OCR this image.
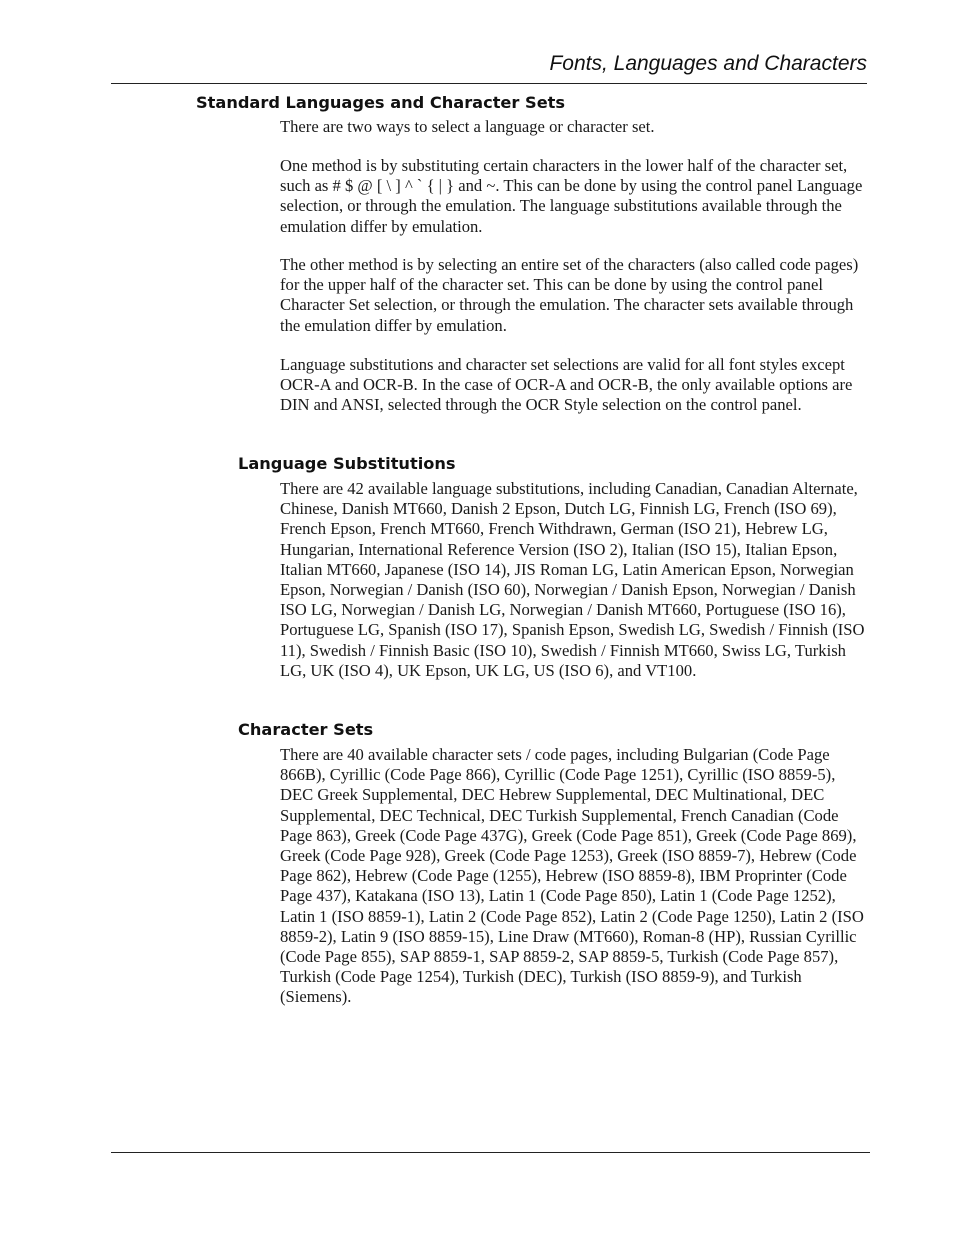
Fonts, Languages and Characters
Standard Languages and Character Sets

There are two ways to select a language or character set.

One method is by substituting certain characters in the lower half of the character set, such as # $ @ [ \ ] ^ ` { | } and ~. This can be done by using the control panel Language selection, or through the emulation. The language substitutions available through the emulation differ by emulation.

The other method is by selecting an entire set of the characters (also called code pages) for the upper half of the character set. This can be done by using the control panel Character Set selection, or through the emulation. The character sets available through the emulation differ by emulation.

Language substitutions and character set selections are valid for all font styles except OCR-A and OCR-B. In the case of OCR-A and OCR-B, the only available options are DIN and ANSI, selected through the OCR Style selection on the control panel.

Language Substitutions

There are 42 available language substitutions, including Canadian, Canadian Alternate, Chinese, Danish MT660, Danish 2 Epson, Dutch LG, Finnish LG, French (ISO 69), French Epson, French MT660, French Withdrawn, German (ISO 21), Hebrew LG, Hungarian, International Reference Version (ISO 2), Italian (ISO 15), Italian Epson, Italian MT660, Japanese (ISO 14), JIS Roman LG, Latin American Epson, Norwegian Epson, Norwegian / Danish (ISO 60), Norwegian / Danish Epson, Norwegian / Danish ISO LG, Norwegian / Danish LG, Norwegian / Danish MT660, Portuguese (ISO 16), Portuguese LG, Spanish (ISO 17), Spanish Epson, Swedish LG, Swedish / Finnish (ISO 11), Swedish / Finnish Basic (ISO 10), Swedish / Finnish MT660, Swiss LG, Turkish LG, UK (ISO 4), UK Epson, UK LG, US (ISO 6), and VT100.

Character Sets

There are 40 available character sets / code pages, including Bulgarian (Code Page 866B), Cyrillic (Code Page 866), Cyrillic (Code Page 1251), Cyrillic (ISO 8859-5), DEC Greek Supplemental, DEC Hebrew Supplemental, DEC Multinational, DEC Supplemental, DEC Technical, DEC Turkish Supplemental, French Canadian (Code Page 863), Greek (Code Page 437G), Greek (Code Page 851), Greek (Code Page 869), Greek (Code Page 928), Greek (Code Page 1253), Greek (ISO 8859-7), Hebrew (Code Page 862), Hebrew (Code Page (1255), Hebrew (ISO 8859-8), IBM Proprinter (Code Page 437), Katakana (ISO 13), Latin 1 (Code Page 850), Latin 1 (Code Page 1252), Latin 1 (ISO 8859-1), Latin 2 (Code Page 852), Latin 2 (Code Page 1250), Latin 2 (ISO 8859-2), Latin 9 (ISO 8859-15), Line Draw (MT660), Roman-8 (HP), Russian Cyrillic (Code Page 855), SAP 8859-1, SAP 8859-2, SAP 8859-5, Turkish (Code Page 857), Turkish (Code Page 1254), Turkish (DEC), Turkish (ISO 8859-9), and Turkish (Siemens).
